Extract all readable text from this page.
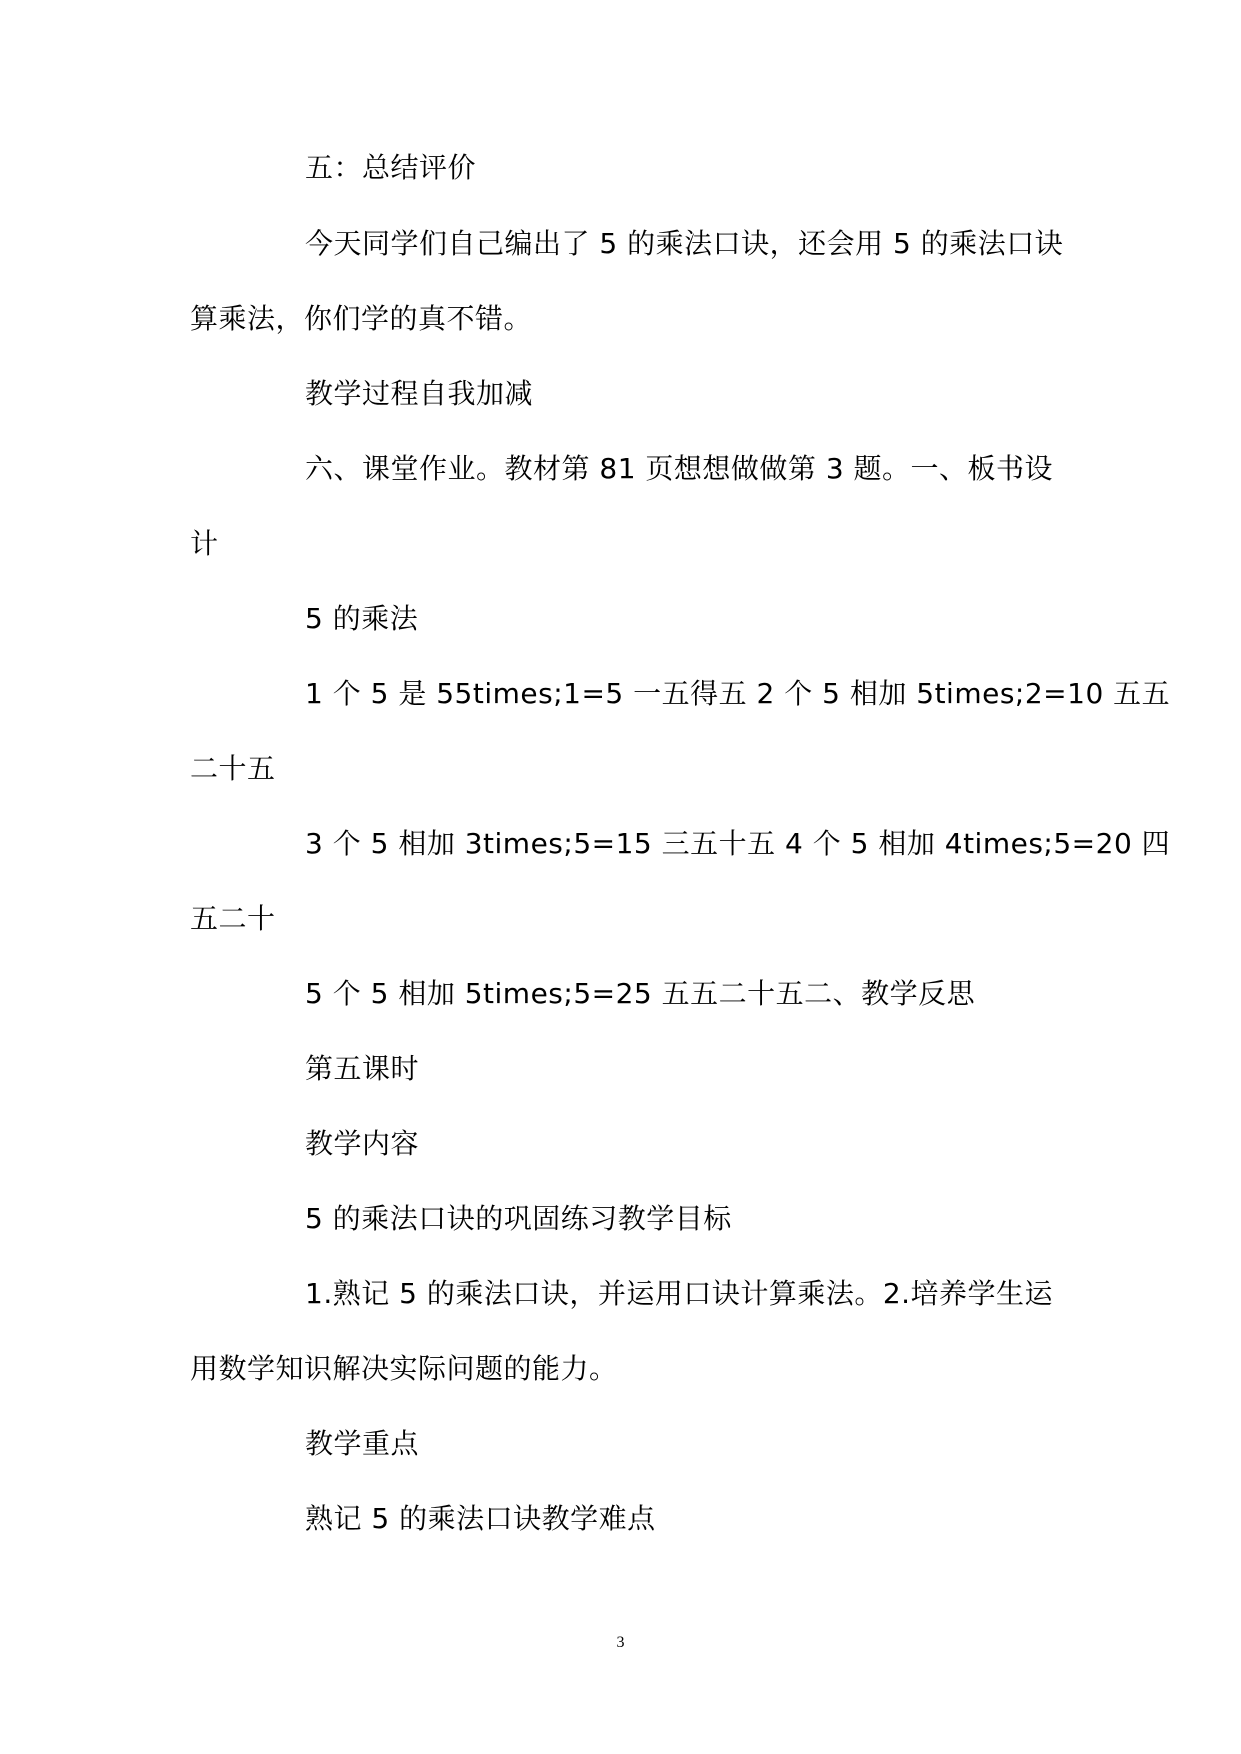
五：总结评价
今天同学们自己编出了 5 的乘法口诀，还会用 5 的乘法口诀
算乘法，你们学的真不错。
教学过程自我加减
六、课堂作业。教材第 81 页想想做做第 3 题。一、板书设
计
5 的乘法
1 个 5 是 55times;1=5 一五得五 2 个 5 相加 5times;2=10 五五
二十五
3 个 5 相加 3times;5=15 三五十五 4 个 5 相加 4times;5=20 四
五二十
5 个 5 相加 5times;5=25 五五二十五二、教学反思
第五课时
教学内容
5 的乘法口诀的巩固练习教学目标
1.熟记 5 的乘法口诀，并运用口诀计算乘法。2.培养学生运
用数学知识解决实际问题的能力。
教学重点
熟记 5 的乘法口诀教学难点
3
